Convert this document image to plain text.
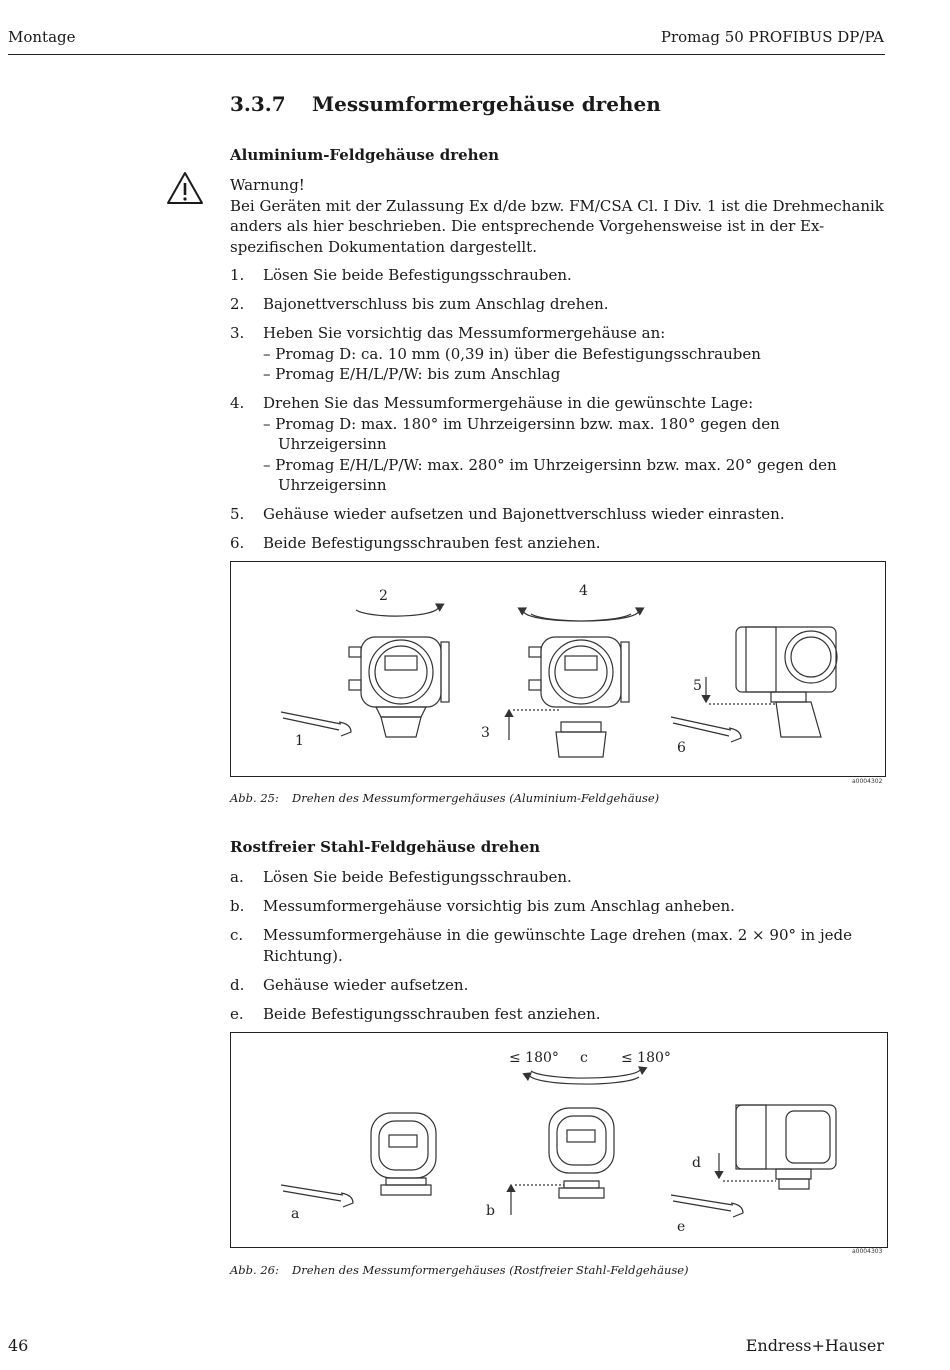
Montage	Promag 50 PROFIBUS DP/PA
3.3.7 Messumformergehäuse drehen
Aluminium-Feldgehäuse drehen
Warnung!
Bei Geräten mit der Zulassung Ex d/de bzw. FM/CSA Cl. I Div. 1 ist die Drehmechanik anders als hier beschrieben. Die entsprechende Vorgehensweise ist in der Ex-spezifischen Dokumentation dargestellt.
1. Lösen Sie beide Befestigungsschrauben.
2. Bajonettverschluss bis zum Anschlag drehen.
3. Heben Sie vorsichtig das Messumformergehäuse an:
– Promag D: ca. 10 mm (0,39 in) über die Befestigungsschrauben
– Promag E/H/L/P/W: bis zum Anschlag
4. Drehen Sie das Messumformergehäuse in die gewünschte Lage:
– Promag D: max. 180° im Uhrzeigersinn bzw. max. 180° gegen den Uhrzeigersinn
– Promag E/H/L/P/W: max. 280° im Uhrzeigersinn bzw. max. 20° gegen den Uhrzeigersinn
5. Gehäuse wieder aufsetzen und Bajonettverschluss wieder einrasten.
6. Beide Befestigungsschrauben fest anziehen.
1
2
3
4
5
6
a0004302
Abb. 25: Drehen des Messumformergehäuses (Aluminium-Feldgehäuse)
Rostfreier Stahl-Feldgehäuse drehen
a. Lösen Sie beide Befestigungsschrauben.
b. Messumformergehäuse vorsichtig bis zum Anschlag anheben.
c. Messumformergehäuse in die gewünschte Lage drehen (max. 2 × 90° in jede Richtung).
d. Gehäuse wieder aufsetzen.
e. Beide Befestigungsschrauben fest anziehen.
a	b
≤ 180° c ≤ 180°
d
e
a0004303
Abb. 26: Drehen des Messumformergehäuses (Rostfreier Stahl-Feldgehäuse)
46	Endress+Hauser
